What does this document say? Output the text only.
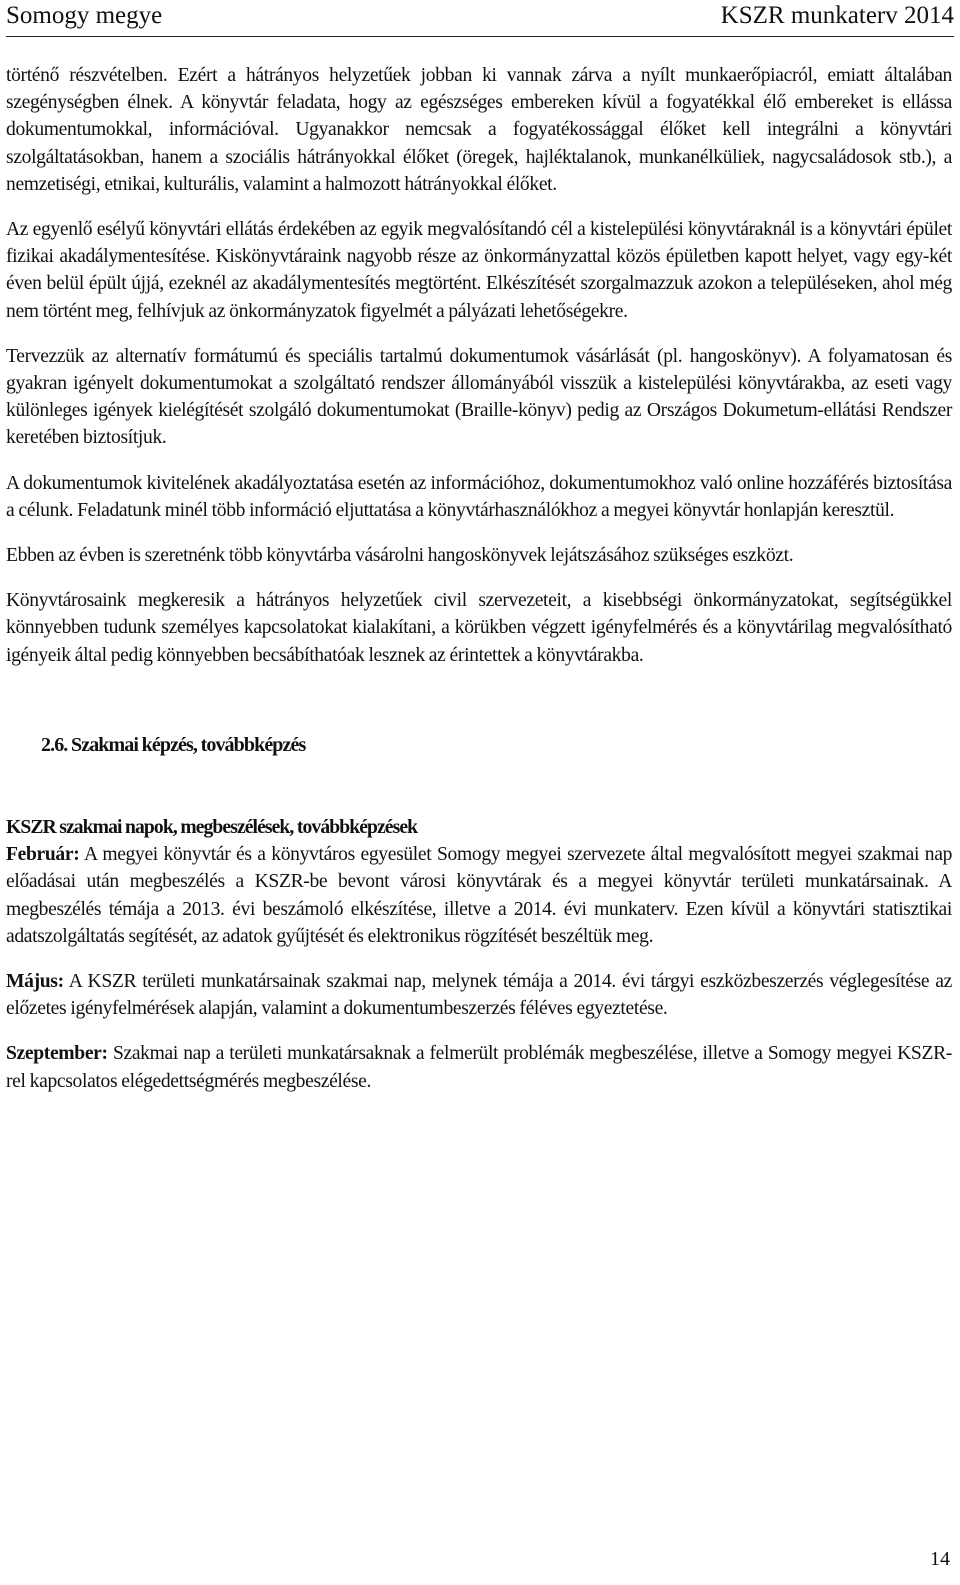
Somogy megye	KSZR munkaterv 2014

történő részvételben. Ezért a hátrányos helyzetűek jobban ki vannak zárva a nyílt munkaerőpiacról, emiatt általában szegénységben élnek. A könyvtár feladata, hogy az egészséges embereken kívül a fogyatékkal élő embereket is ellássa dokumentumokkal, információval. Ugyanakkor nemcsak a fogyatékossággal élőket kell integrálni a könyvtári szolgáltatásokban, hanem a szociális hátrányokkal élőket (öregek, hajléktalanok, munkanélküliek, nagycsaládosok stb.), a nemzetiségi, etnikai, kulturális, valamint a halmozott hátrányokkal élőket.

Az egyenlő esélyű könyvtári ellátás érdekében az egyik megvalósítandó cél a kistelepülési könyvtáraknál is a könyvtári épület fizikai akadálymentesítése. Kiskönyvtáraink nagyobb része az önkormányzattal közös épületben kapott helyet, vagy egy-két éven belül épült újjá, ezeknél az akadálymentesítés megtörtént. Elkészítését szorgalmazzuk azokon a településeken, ahol még nem történt meg, felhívjuk az önkormányzatok figyelmét a pályázati lehetőségekre.

Tervezzük az alternatív formátumú és speciális tartalmú dokumentumok vásárlását (pl. hangoskönyv). A folyamatosan és gyakran igényelt dokumentumokat a szolgáltató rendszer állományából visszük a kistelepülési könyvtárakba, az eseti vagy különleges igények kielégítését szolgáló dokumentumokat (Braille-könyv) pedig az Országos Dokumetum-ellátási Rendszer keretében biztosítjuk.

A dokumentumok kivitelének akadályoztatása esetén az információhoz, dokumentumokhoz való online hozzáférés biztosítása a célunk. Feladatunk minél több információ eljuttatása a könyvtárhasználókhoz a megyei könyvtár honlapján keresztül.

Ebben az évben is szeretnénk több könyvtárba vásárolni hangoskönyvek lejátszásához szükséges eszközt.

Könyvtárosaink megkeresik a hátrányos helyzetűek civil szervezeteit, a kisebbségi önkormányzatokat, segítségükkel könnyebben tudunk személyes kapcsolatokat kialakítani, a körükben végzett igényfelmérés és a könyvtárilag megvalósítható igényeik által pedig könnyebben becsábíthatóak lesznek az érintettek a könyvtárakba.

2.6. Szakmai képzés, továbbképzés

KSZR szakmai napok, megbeszélések, továbbképzések

Február: A megyei könyvtár és a könyvtáros egyesület Somogy megyei szervezete által megvalósított megyei szakmai nap előadásai után megbeszélés a KSZR-be bevont városi könyvtárak és a megyei könyvtár területi munkatársainak. A megbeszélés témája a 2013. évi beszámoló elkészítése, illetve a 2014. évi munkaterv. Ezen kívül a könyvtári statisztikai adatszolgáltatás segítését, az adatok gyűjtését és elektronikus rögzítését beszéltük meg.

Május: A KSZR területi munkatársainak szakmai nap, melynek témája a 2014. évi tárgyi eszközbeszerzés véglegesítése az előzetes igényfelmérések alapján, valamint a dokumentumbeszerzés féléves egyeztetése.

Szeptember: Szakmai nap a területi munkatársaknak a felmerült problémák megbeszélése, illetve a Somogy megyei KSZR-rel kapcsolatos elégedettségmérés megbeszélése.

14
